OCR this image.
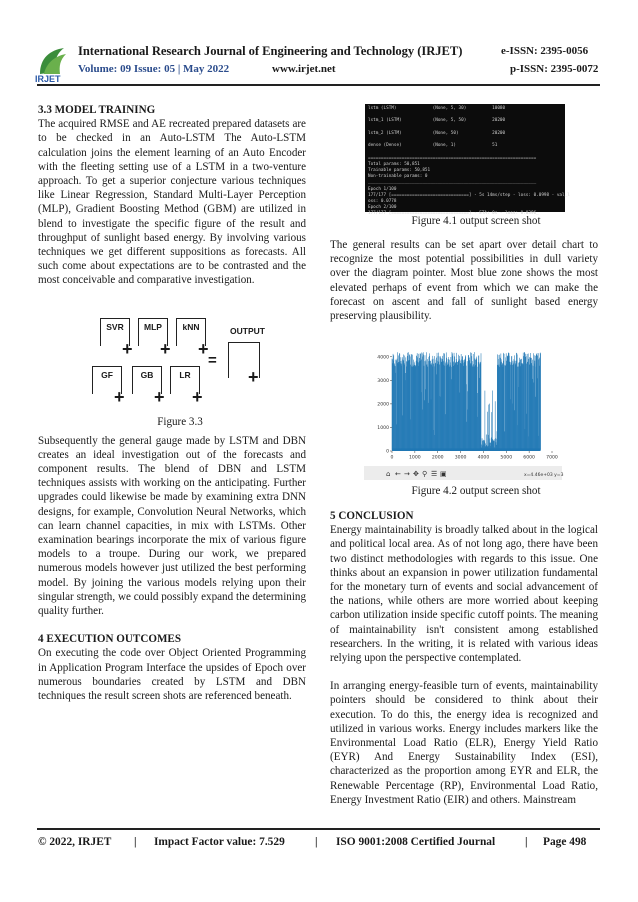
IRJET
International Research Journal of Engineering and Technology (IRJET)	e-ISSN: 2395-0056
Volume: 09 Issue: 05 | May 2022	www.irjet.net	p-ISSN: 2395-0072

3.3 MODEL TRAINING

The acquired RMSE and AE recreated prepared datasets are to be checked in an Auto-LSTM The Auto-LSTM calculation joins the element learning of an Auto Encoder with the fleeting setting use of a LSTM in a two-venture approach. To get a superior conjecture various techniques like Linear Regression, Standard Multi-Layer Perception (MLP), Gradient Boosting Method (GBM) are utilized in blend to investigate the specific figure of the result and throughput of sunlight based energy. By involving various techniques we get different suppositions as forecasts. All such come about expectations are to be contrasted and the most conceivable and comparative investigation.

Subsequently the general gauge made by LSTM and DBN creates an ideal investigation out of the forecasts and component results. The blend of DBN and LSTM techniques assists with working on the anticipating. Further upgrades could likewise be made by examining extra DNN designs, for example, Convolution Neural Networks, which can learn channel capacities, in mix with LSTMs. Other examination bearings incorporate the mix of various figure models to a troupe. During our work, we prepared numerous models however just utilized the best performing model. By joining the various models relying upon their singular strength, we could possibly expand the determining quality further.

4 EXECUTION OUTCOMES

On executing the code over Object Oriented Programming in Application Program Interface the upsides of Epoch over numerous boundaries created by LSTM and DBN techniques the result screen shots are referenced beneath.

SVR
+
MLP
+
kNN
+
GF
+
GB
+
LR
+
=
OUTPUT
+
Figure 3.3
lstm (LSTM)              (None, 5, 30)          10080

lstm_1 (LSTM)            (None, 5, 50)          20200

lstm_2 (LSTM)            (None, 50)             20200

dense (Dense)            (None, 1)              51

=================================================================
Total params: 50,851
Trainable params: 50,851
Non-trainable params: 0
_________________________________________________________________
Epoch 1/100
177/177 [==============================] - 5s 14ms/step - loss: 0.0998 - val_l
oss: 0.0778
Epoch 2/100
177/177 [==============================] - ETA: 0s - loss: 0.0396_
Figure 4.1 output screen shot

The general results can be set apart over detail chart to recognize the most potential possibilities in dull variety over the diagram pointer. Most blue zone shows the most elevated perhaps of event from which we can make the forecast on ascent and fall of sunlight based energy preserving plausibility.

0
1000
2000
3000
4000
0	1000 2000 3000 4000 5000 6000 7000
⌂ ← → ✥ ⚲ ☰ ▣	x=4.46e+03 y=3
Figure 4.2 output screen shot

5 CONCLUSION

Energy maintainability is broadly talked about in the logical and political local area. As of not long ago, there have been two distinct methodologies with regards to this issue. One thinks about an expansion in power utilization fundamental for the monetary turn of events and social advancement of the nations, while others are more worried about keeping carbon utilization inside specific cutoff points. The meaning of maintainability isn't consistent among established researchers. In the writing, it is related with various ideas relying upon the perspective contemplated.

In arranging energy-feasible turn of events, maintainability pointers should be considered to think about their execution. To do this, the energy idea is recognized and utilized in various works. Energy includes markers like the Environmental Load Ratio (ELR), Energy Yield Ratio (EYR) And Energy Sustainability Index (ESI), characterized as the proportion among EYR and ELR, the Renewable Percentage (RP), Environmental Load Ratio, Energy Investment Ratio (EIR) and others. Mainstream

© 2022, IRJET | Impact Factor value: 7.529	| ISO 9001:2008 Certified Journal	| Page 498
